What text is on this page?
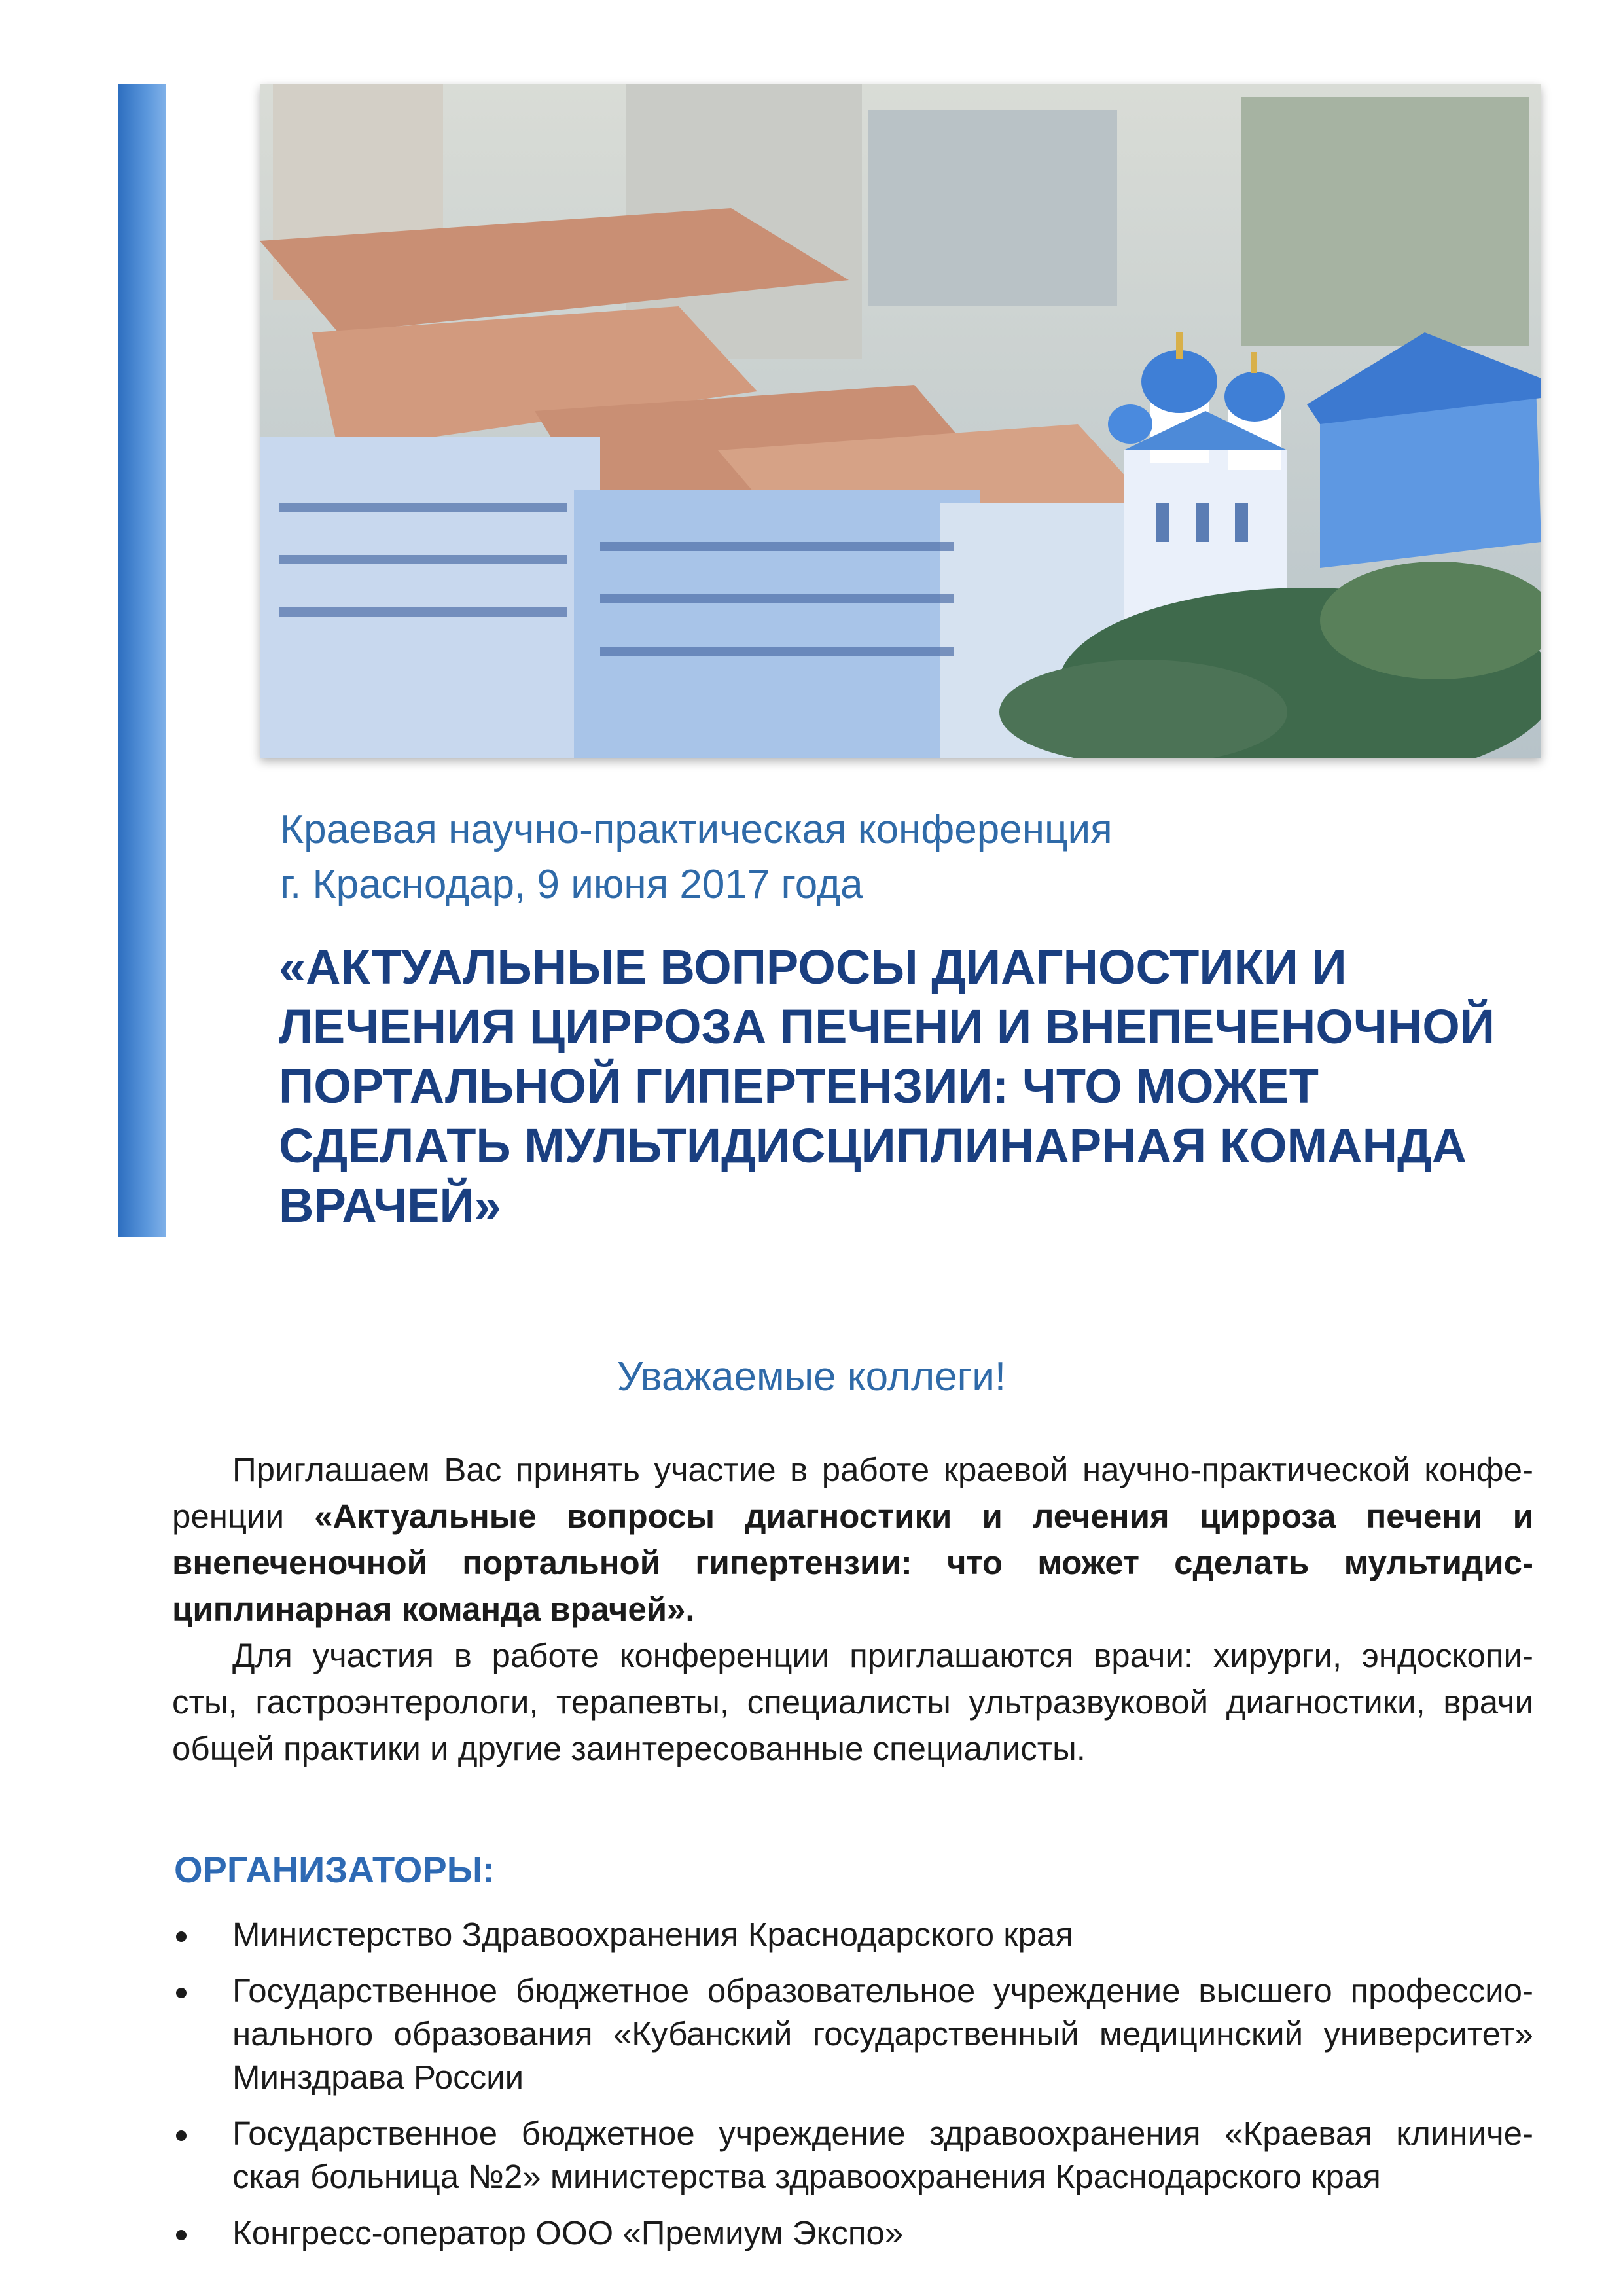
Краевая научно-практическая конференция
г. Краснодар, 9 июня 2017 года
«АКТУАЛЬНЫЕ ВОПРОСЫ ДИАГНОСТИКИ И
ЛЕЧЕНИЯ ЦИРРОЗА ПЕЧЕНИ И ВНЕПЕЧЕНОЧНОЙ
ПОРТАЛЬНОЙ ГИПЕРТЕНЗИИ: ЧТО МОЖЕТ
СДЕЛАТЬ МУЛЬТИДИСЦИПЛИНАРНАЯ КОМАНДА
ВРАЧЕЙ»
Уважаемые коллеги!
Приглашаем Вас принять участие в работе краевой научно-практической конфе-
ренции «Актуальные вопросы диагностики и лечения цирроза печени и
внепеченочной портальной гипертензии: что может сделать мультидис-
циплинарная команда врачей».
Для участия в работе конференции приглашаются врачи: хирурги, эндоскопи-
сты, гастроэнтерологи, терапевты, специалисты ультразвуковой диагностики, врачи
общей практики и другие заинтересованные специалисты.
ОРГАНИЗАТОРЫ:
Министерство Здравоохранения Краснодарского края
Государственное бюджетное образовательное учреждение высшего профессио-
нального образования «Кубанский государственный медицинский университет»
Минздрава России
Государственное бюджетное учреждение здравоохранения «Краевая клиниче-
ская больница №2» министерства здравоохранения Краснодарского края
Конгресс-оператор ООО «Премиум Экспо»
